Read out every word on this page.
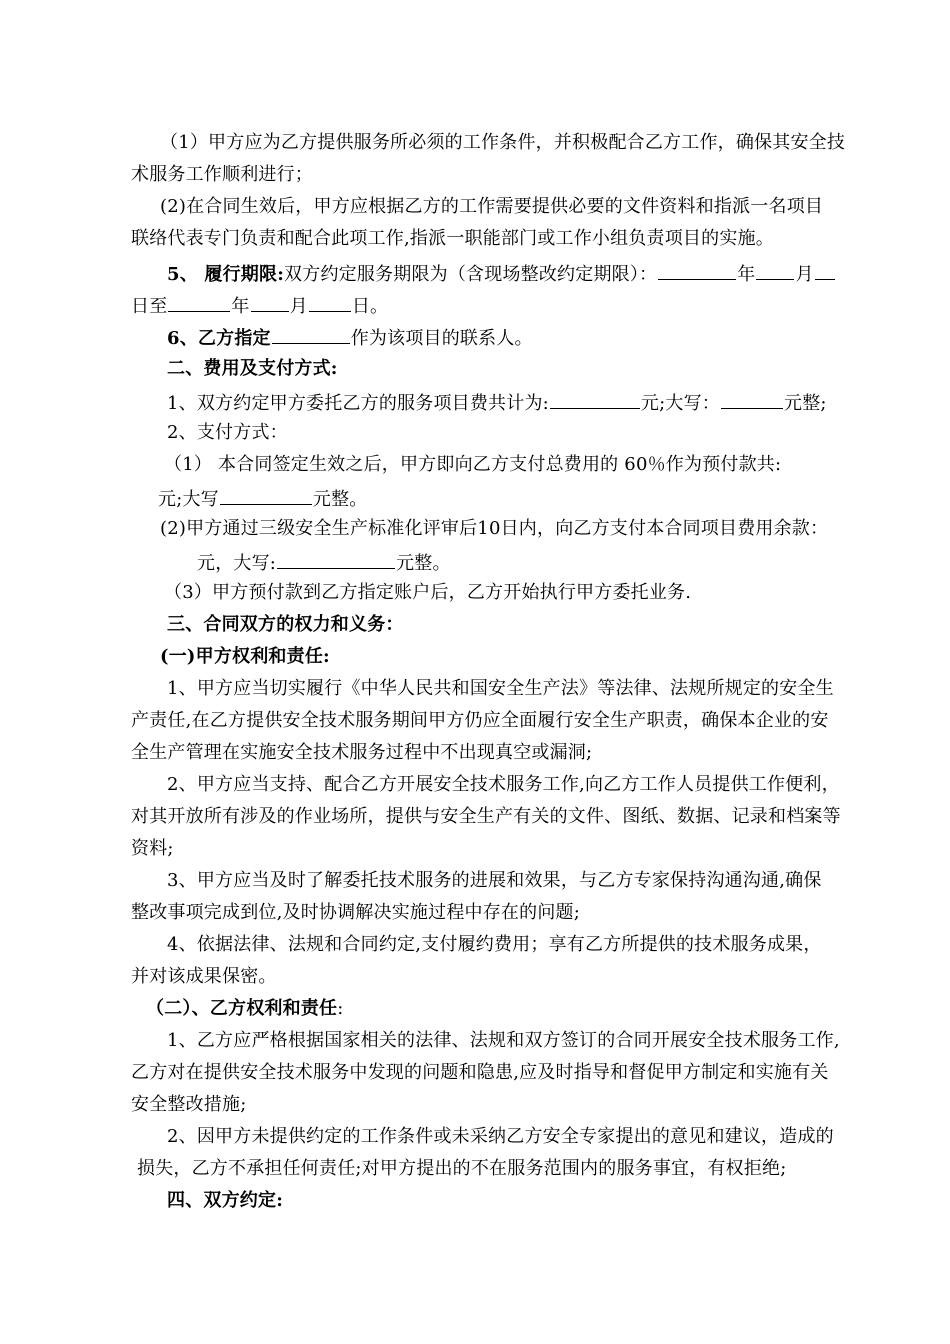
（1）甲方应为乙方提供服务所必须的工作条件，并积极配合乙方工作，确保其安全技
术服务工作顺利进行；
(2)在合同生效后，甲方应根据乙方的工作需要提供必要的文件资料和指派一名项目
联络代表专门负责和配合此项工作,指派一职能部门或工作小组负责项目的实施。
5、 履行期限:双方约定服务期限为（含现场整改约定期限）：	年 月
日至	年 月 日。
6、乙方指定	作为该项目的联系人。
二、费用及支付方式:
1、双方约定甲方委托乙方的服务项目费共计为:	元;大写：	元整;
2、支付方式：
（1） 本合同签定生效之后，甲方即向乙方支付总费用的 60％作为预付款共:
元;大写	元整。
(2)甲方通过三级安全生产标准化评审后10日内，向乙方支付本合同项目费用余款：
元，大写:	元整。
（3）甲方预付款到乙方指定账户后，乙方开始执行甲方委托业务.
三、合同双方的权力和义务：
(一)甲方权利和责任:
1、甲方应当切实履行《中华人民共和国安全生产法》等法律、法规所规定的安全生
产责任,在乙方提供安全技术服务期间甲方仍应全面履行安全生产职责，确保本企业的安
全生产管理在实施安全技术服务过程中不出现真空或漏洞;
2、甲方应当支持、配合乙方开展安全技术服务工作,向乙方工作人员提供工作便利，
对其开放所有涉及的作业场所，提供与安全生产有关的文件、图纸、数据、记录和档案等
资料;
3、甲方应当及时了解委托技术服务的进展和效果，与乙方专家保持沟通沟通,确保
整改事项完成到位,及时协调解决实施过程中存在的问题;
4、依据法律、法规和合同约定,支付履约费用；享有乙方所提供的技术服务成果，
并对该成果保密。
（二）、乙方权利和责任:
1、乙方应严格根据国家相关的法律、法规和双方签订的合同开展安全技术服务工作,
乙方对在提供安全技术服务中发现的问题和隐患,应及时指导和督促甲方制定和实施有关
安全整改措施;
2、因甲方未提供约定的工作条件或未采纳乙方安全专家提出的意见和建议，造成的
损失，乙方不承担任何责任;对甲方提出的不在服务范围内的服务事宜，有权拒绝;
四、双方约定:
